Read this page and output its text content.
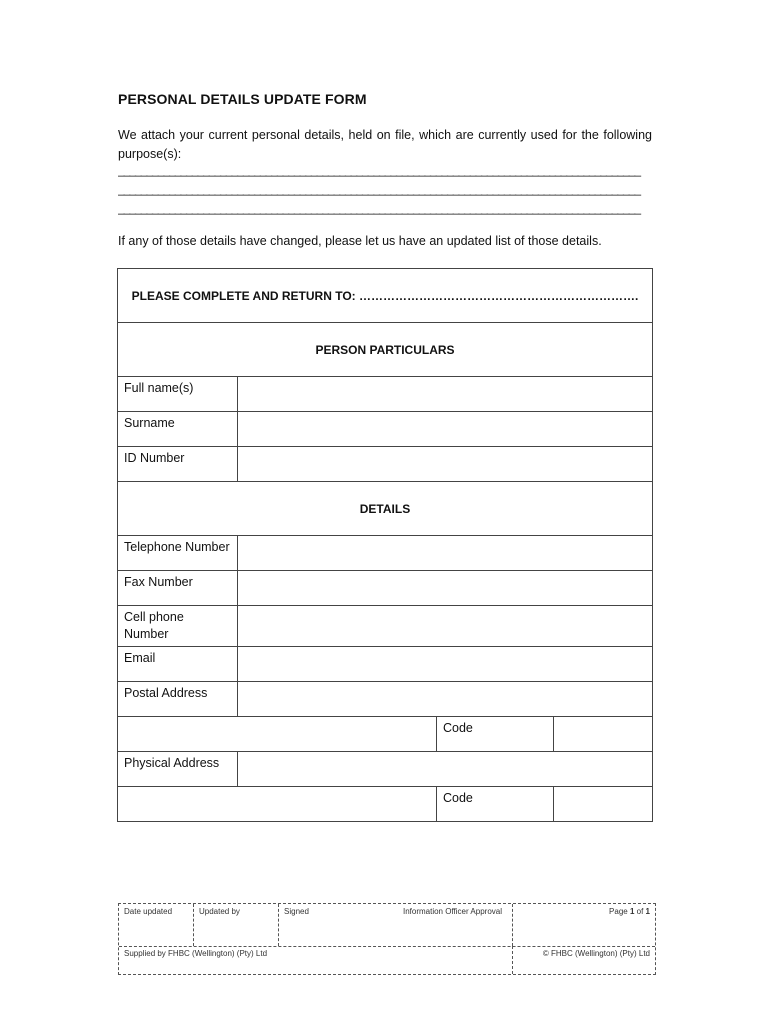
PERSONAL DETAILS UPDATE FORM
We attach your current personal details, held on file, which are currently used for the following purpose(s):
____________________________________________________________________________________________
____________________________________________________________________________________________
____________________________________________________________________________________________
If any of those details have changed, please let us have an updated list of those details.
PLEASE COMPLETE AND RETURN TO: …………………………………………………………….			
PERSON PARTICULARS			
Full name(s)			
Surname			
ID Number			
DETAILS			
Telephone Number			
Fax Number			
Cell phone Number			
Email			
Postal Address			
		Code	
Physical Address			
		Code	
Date updated	Updated by	Signed	Information Officer Approval	Page 1 of 1
Supplied by FHBC (Wellington) (Pty) Ltd	© FHBC (Wellington) (Pty) Ltd
